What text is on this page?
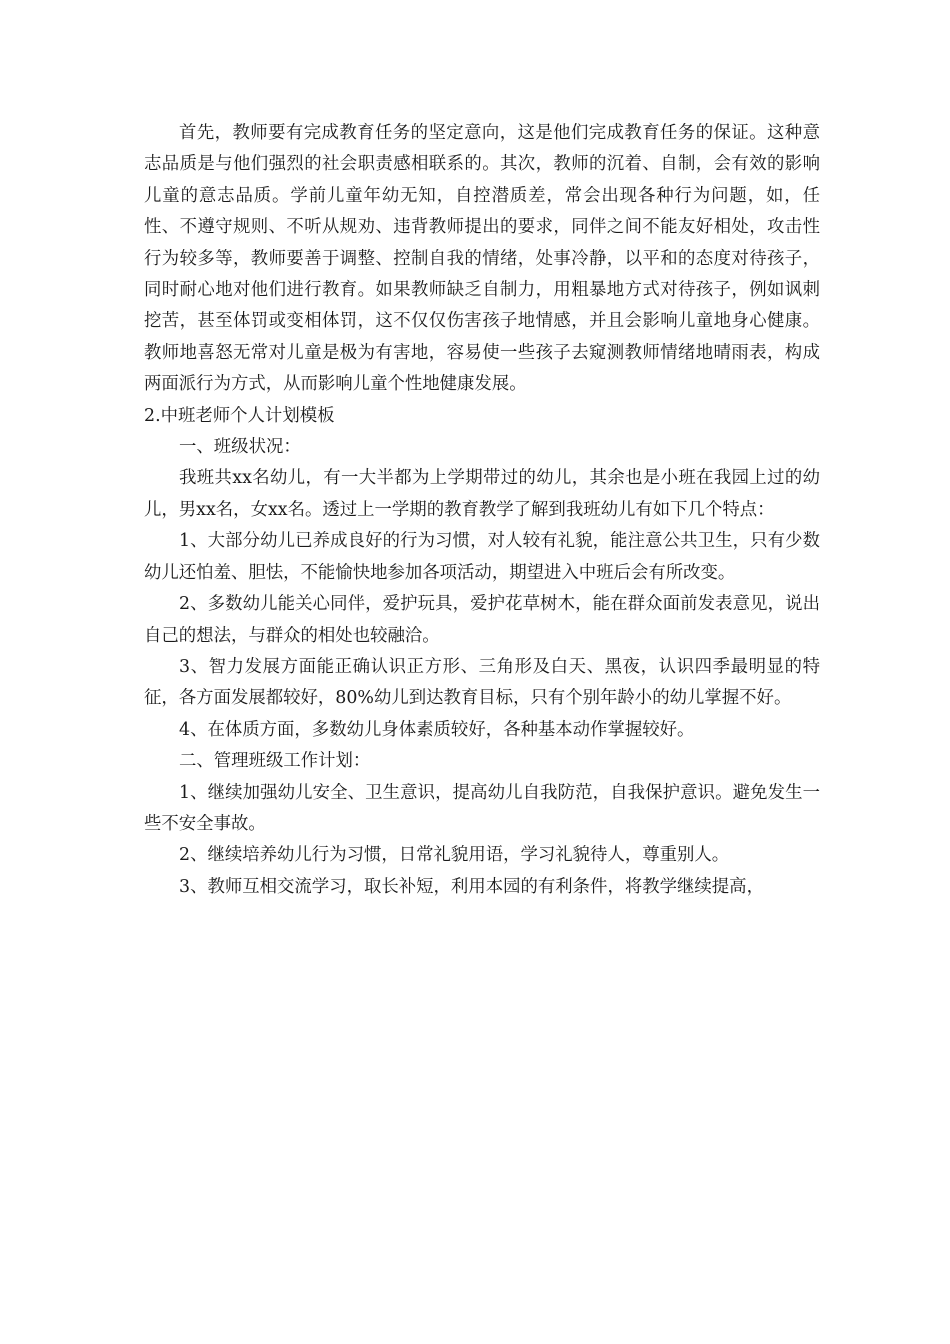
首先，教师要有完成教育任务的坚定意向，这是他们完成教育任务的保证。这种意志品质是与他们强烈的社会职责感相联系的。其次，教师的沉着、自制，会有效的影响儿童的意志品质。学前儿童年幼无知，自控潜质差，常会出现各种行为问题，如，任性、不遵守规则、不听从规劝、违背教师提出的要求，同伴之间不能友好相处，攻击性行为较多等，教师要善于调整、控制自我的情绪，处事冷静，以平和的态度对待孩子，同时耐心地对他们进行教育。如果教师缺乏自制力，用粗暴地方式对待孩子，例如讽刺挖苦，甚至体罚或变相体罚，这不仅仅伤害孩子地情感，并且会影响儿童地身心健康。教师地喜怒无常对儿童是极为有害地，容易使一些孩子去窥测教师情绪地晴雨表，构成两面派行为方式，从而影响儿童个性地健康发展。

2.中班老师个人计划模板

一、班级状况：

我班共xx名幼儿，有一大半都为上学期带过的幼儿，其余也是小班在我园上过的幼儿，男xx名，女xx名。透过上一学期的教育教学了解到我班幼儿有如下几个特点：

1、大部分幼儿已养成良好的行为习惯，对人较有礼貌，能注意公共卫生，只有少数幼儿还怕羞、胆怯，不能愉快地参加各项活动，期望进入中班后会有所改变。

2、多数幼儿能关心同伴，爱护玩具，爱护花草树木，能在群众面前发表意见，说出自己的想法，与群众的相处也较融洽。

3、智力发展方面能正确认识正方形、三角形及白天、黑夜，认识四季最明显的特征，各方面发展都较好，80%幼儿到达教育目标，只有个别年龄小的幼儿掌握不好。

4、在体质方面，多数幼儿身体素质较好，各种基本动作掌握较好。

二、管理班级工作计划：

1、继续加强幼儿安全、卫生意识，提高幼儿自我防范，自我保护意识。避免发生一些不安全事故。

2、继续培养幼儿行为习惯，日常礼貌用语，学习礼貌待人，尊重别人。

3、教师互相交流学习，取长补短，利用本园的有利条件，将教学继续提高，
